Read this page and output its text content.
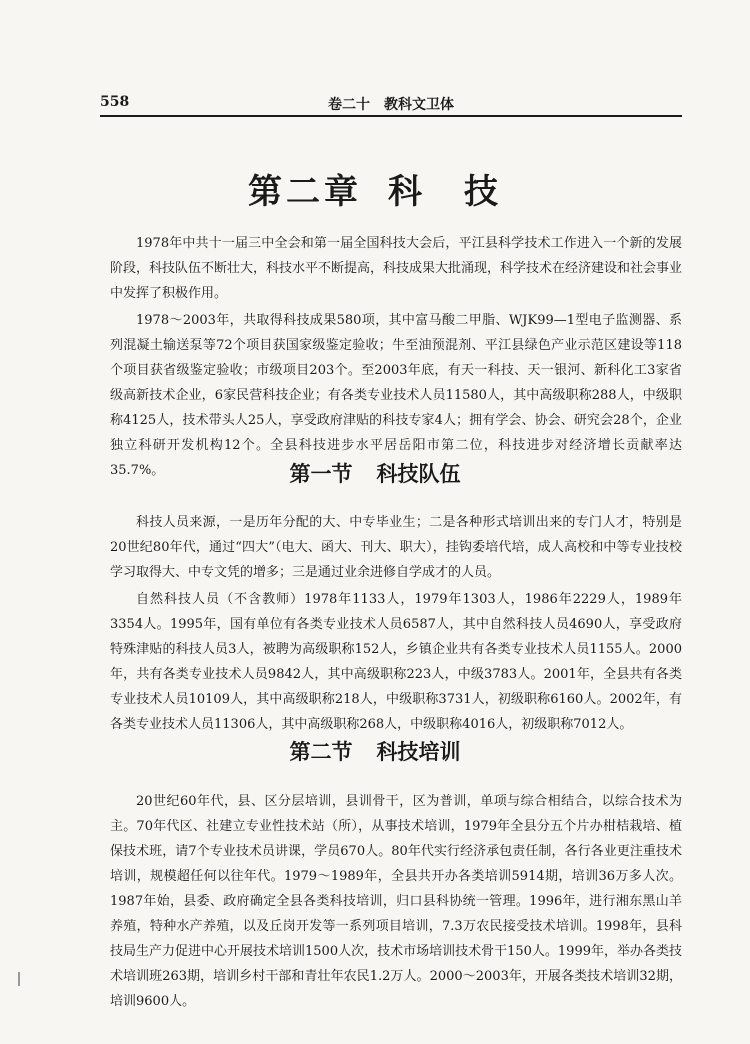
558	卷二十　教科文卫体
第二章 科　技

1978年中共十一届三中全会和第一届全国科技大会后，平江县科学技术工作进入一个新的发展阶段，科技队伍不断壮大，科技水平不断提高，科技成果大批涌现，科学技术在经济建设和社会事业中发挥了积极作用。

1978～2003年，共取得科技成果580项，其中富马酸二甲脂、WJK99—1型电子监测器、系列混凝土输送泵等72个项目获国家级鉴定验收；牛至油预混剂、平江县绿色产业示范区建设等118个项目获省级鉴定验收；市级项目203个。至2003年底，有天一科技、天一银河、新科化工3家省级高新技术企业，6家民营科技企业；有各类专业技术人员11580人，其中高级职称288人，中级职称4125人，技术带头人25人，享受政府津贴的科技专家4人；拥有学会、协会、研究会28个，企业独立科研开发机构12个。全县科技进步水平居岳阳市第二位，科技进步对经济增长贡献率达35.7%。	第一节 科技队伍

科技人员来源，一是历年分配的大、中专毕业生；二是各种形式培训出来的专门人才，特别是20世纪80年代，通过“四大”（电大、函大、刊大、职大），挂钩委培代培，成人高校和中等专业技校学习取得大、中专文凭的增多；三是通过业余进修自学成才的人员。

自然科技人员（不含教师）1978年1133人，1979年1303人，1986年2229人，1989年3354人。1995年，国有单位有各类专业技术人员6587人，其中自然科技人员4690人，享受政府特殊津贴的科技人员3人，被聘为高级职称152人，乡镇企业共有各类专业技术人员1155人。2000年，共有各类专业技术人员9842人，其中高级职称223人，中级3783人。2001年，全县共有各类专业技术人员10109人，其中高级职称218人，中级职称3731人，初级职称6160人。2002年，有各类专业技术人员11306人，其中高级职称268人，中级职称4016人，初级职称7012人。

第二节 科技培训

20世纪60年代，县、区分层培训，县训骨干，区为普训，单项与综合相结合，以综合技术为主。70年代区、社建立专业性技术站（所），从事技术培训，1979年全县分五个片办柑桔栽培、植保技术班，请7个专业技术员讲课，学员670人。80年代实行经济承包责任制，各行各业更注重技术培训，规模超任何以往年代。1979～1989年，全县共开办各类培训5914期，培训36万多人次。1987年始，县委、政府确定全县各类科技培训，归口县科协统一管理。1996年，进行湘东黑山羊养殖，特种水产养殖，以及丘岗开发等一系列项目培训，7.3万农民接受技术培训。1998年，县科技局生产力促进中心开展技术培训1500人次，技术市场培训技术骨干150人。1999年，举办各类技术培训班263期，培训乡村干部和青壮年农民1.2万人。2000～2003年，开展各类技术培训32期，培训9600人。
